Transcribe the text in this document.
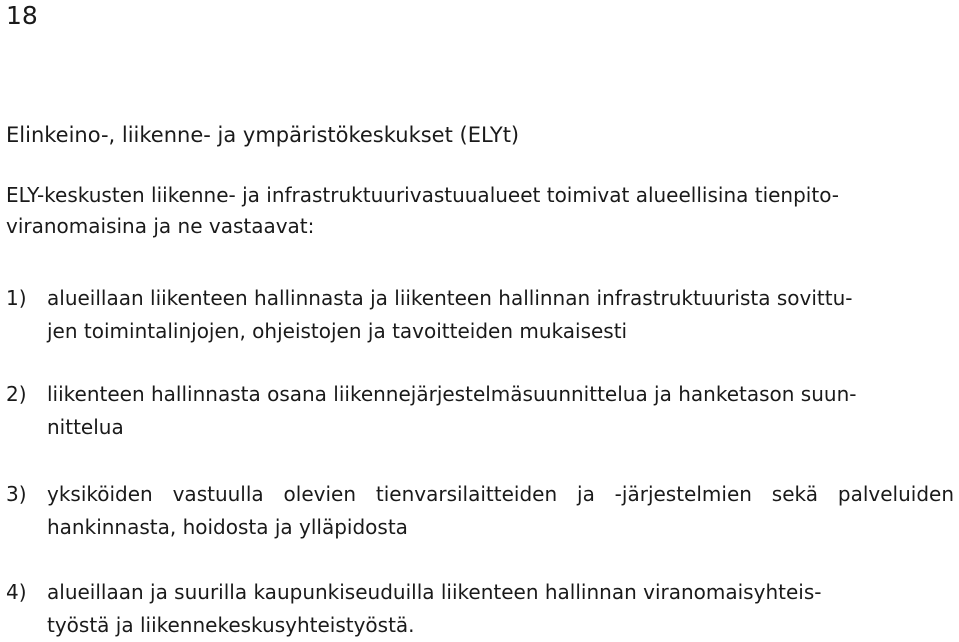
18
Elinkeino-, liikenne- ja ympäristökeskukset (ELYt)

ELY-keskusten liikenne- ja infrastruktuurivastuualueet toimivat alueellisina tienpito-
viranomaisina ja ne vastaavat:

1) alueillaan liikenteen hallinnasta ja liikenteen hallinnan infrastruktuurista sovittu-
jen toimintalinjojen, ohjeistojen ja tavoitteiden mukaisesti
2) liikenteen hallinnasta osana liikennejärjestelmäsuunnittelua ja hanketason suun-
nittelua
3) yksiköiden vastuulla olevien tienvarsilaitteiden ja -järjestelmien sekä palveluiden
hankinnasta, hoidosta ja ylläpidosta
4) alueillaan ja suurilla kaupunkiseuduilla liikenteen hallinnan viranomaisyhteis-
työstä ja liikennekeskusyhteistyöstä.
